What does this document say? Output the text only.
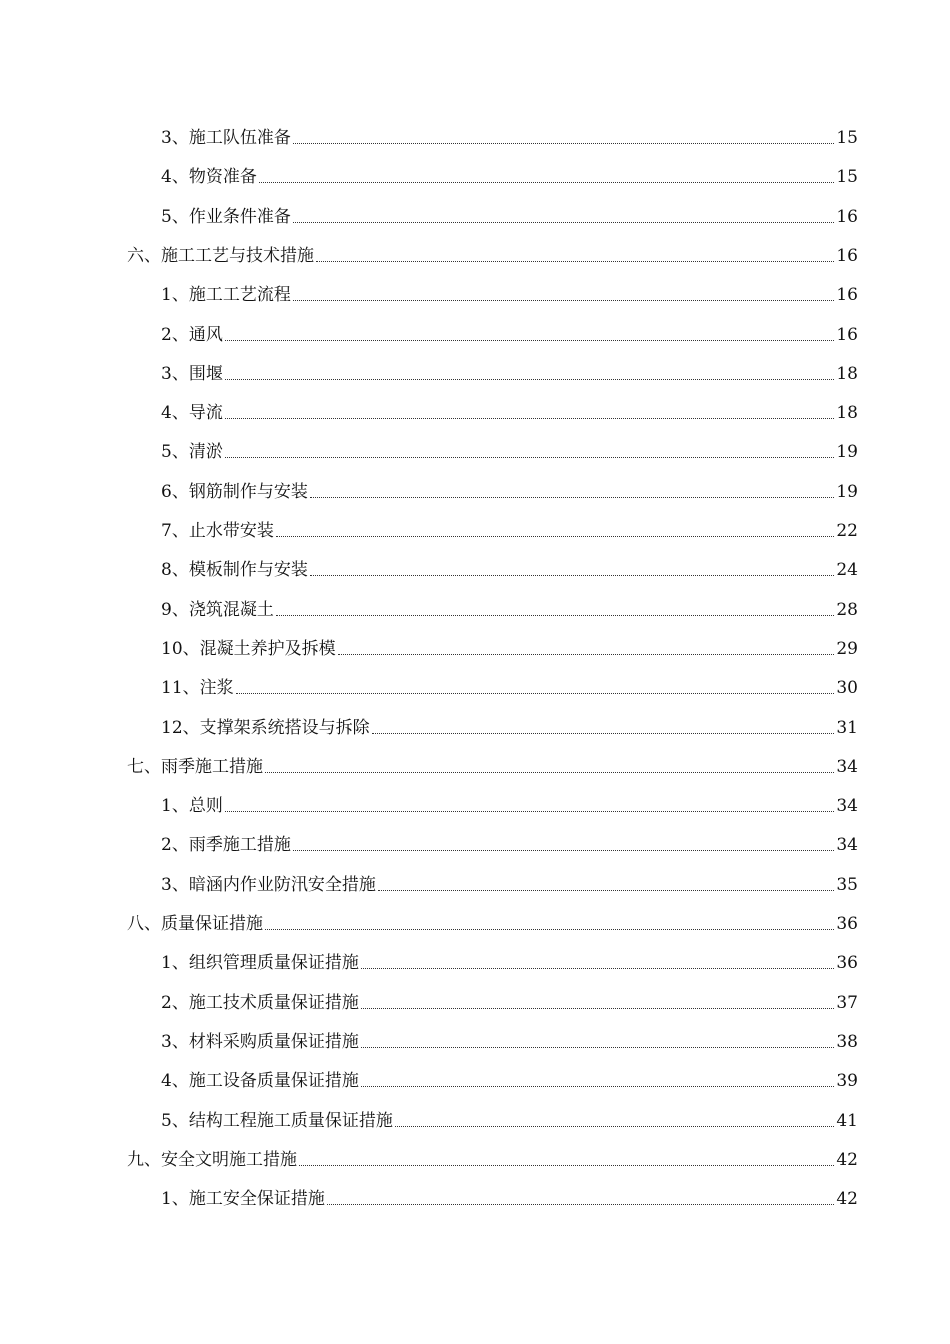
3、施工队伍准备	15
4、物资准备	15
5、作业条件准备	16
六、施工工艺与技术措施	16
1、施工工艺流程	16
2、通风	16
3、围堰	18
4、导流	18
5、清淤	19
6、钢筋制作与安装	19
7、止水带安装	22
8、模板制作与安装	24
9、浇筑混凝土	28
10、混凝土养护及拆模	29
11、注浆	30
12、支撑架系统搭设与拆除	31
七、雨季施工措施	34
1、总则	34
2、雨季施工措施	34
3、暗涵内作业防汛安全措施	35
八、质量保证措施	36
1、组织管理质量保证措施	36
2、施工技术质量保证措施	37
3、材料采购质量保证措施	38
4、施工设备质量保证措施	39
5、结构工程施工质量保证措施	41
九、安全文明施工措施	42
1、施工安全保证措施	42
